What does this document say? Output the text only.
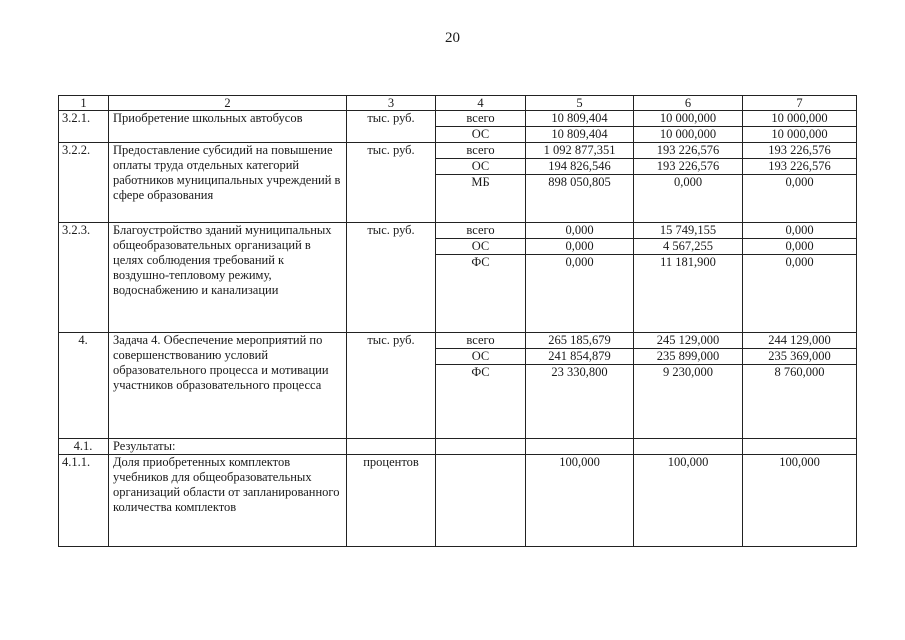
20
1	2	3	4	5	6	7
3.2.1.	Приобретение школьных автобусов	тыс. руб.	всего	10 809,404	10 000,000	10 000,000
			ОС	10 809,404	10 000,000	10 000,000
3.2.2.	Предоставление субсидий на повышение оплаты труда отдельных категорий работников муниципальных учреждений в сфере образования	тыс. руб.	всего	1 092 877,351	193 226,576	193 226,576
			ОС	194 826,546	193 226,576	193 226,576
			МБ	898 050,805	0,000	0,000
3.2.3.	Благоустройство зданий муниципальных общеобразовательных организаций в целях соблюдения требований к воздушно-тепловому режиму, водоснабжению и канализации	тыс. руб.	всего	0,000	15 749,155	0,000
			ОС	0,000	4 567,255	0,000
			ФС	0,000	11 181,900	0,000
4.	Задача 4. Обеспечение мероприятий по совершенствованию условий образовательного процесса и мотивации участников образовательного процесса	тыс. руб.	всего	265 185,679	245 129,000	244 129,000
			ОС	241 854,879	235 899,000	235 369,000
			ФС	23 330,800	9 230,000	8 760,000
4.1.	Результаты:					
4.1.1.	Доля приобретенных комплектов учебников для общеобразовательных организаций области от запланированного количества комплектов	процентов		100,000	100,000	100,000
